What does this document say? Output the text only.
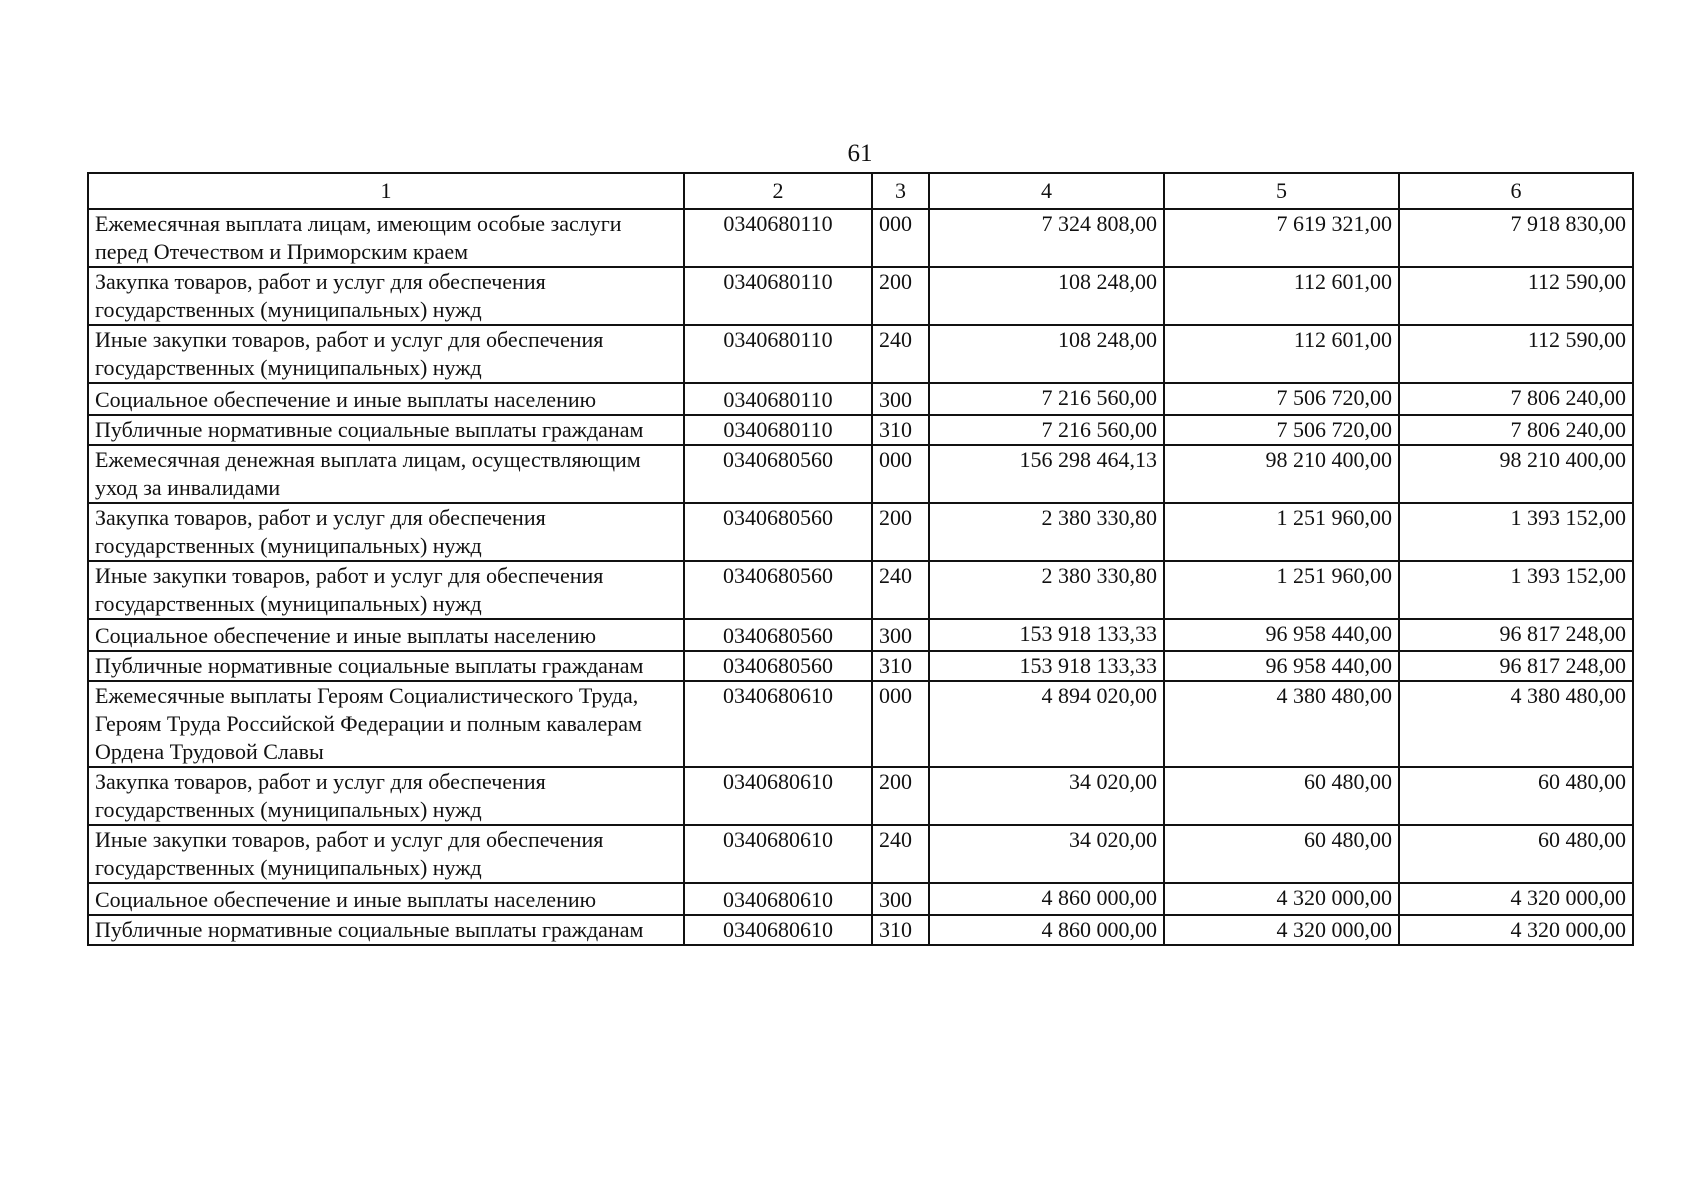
61
1	2	3	4	5	6
Ежемесячная выплата лицам, имеющим особые заслуги перед Отечеством и Приморским краем	0340680110	000	7 324 808,00	7 619 321,00	7 918 830,00
Закупка товаров, работ и услуг для обеспечения государственных (муниципальных) нужд	0340680110	200	108 248,00	112 601,00	112 590,00
Иные закупки товаров, работ и услуг для обеспечения государственных (муниципальных) нужд	0340680110	240	108 248,00	112 601,00	112 590,00
Социальное обеспечение и иные выплаты населению	0340680110	300	7 216 560,00	7 506 720,00	7 806 240,00
Публичные нормативные социальные выплаты гражданам	0340680110	310	7 216 560,00	7 506 720,00	7 806 240,00
Ежемесячная денежная выплата лицам, осуществляющим уход за инвалидами	0340680560	000	156 298 464,13	98 210 400,00	98 210 400,00
Закупка товаров, работ и услуг для обеспечения государственных (муниципальных) нужд	0340680560	200	2 380 330,80	1 251 960,00	1 393 152,00
Иные закупки товаров, работ и услуг для обеспечения государственных (муниципальных) нужд	0340680560	240	2 380 330,80	1 251 960,00	1 393 152,00
Социальное обеспечение и иные выплаты населению	0340680560	300	153 918 133,33	96 958 440,00	96 817 248,00
Публичные нормативные социальные выплаты гражданам	0340680560	310	153 918 133,33	96 958 440,00	96 817 248,00
Ежемесячные выплаты Героям Социалистического Труда, Героям Труда Российской Федерации и полным кавалерам Ордена Трудовой Славы	0340680610	000	4 894 020,00	4 380 480,00	4 380 480,00
Закупка товаров, работ и услуг для обеспечения государственных (муниципальных) нужд	0340680610	200	34 020,00	60 480,00	60 480,00
Иные закупки товаров, работ и услуг для обеспечения государственных (муниципальных) нужд	0340680610	240	34 020,00	60 480,00	60 480,00
Социальное обеспечение и иные выплаты населению	0340680610	300	4 860 000,00	4 320 000,00	4 320 000,00
Публичные нормативные социальные выплаты гражданам	0340680610	310	4 860 000,00	4 320 000,00	4 320 000,00
